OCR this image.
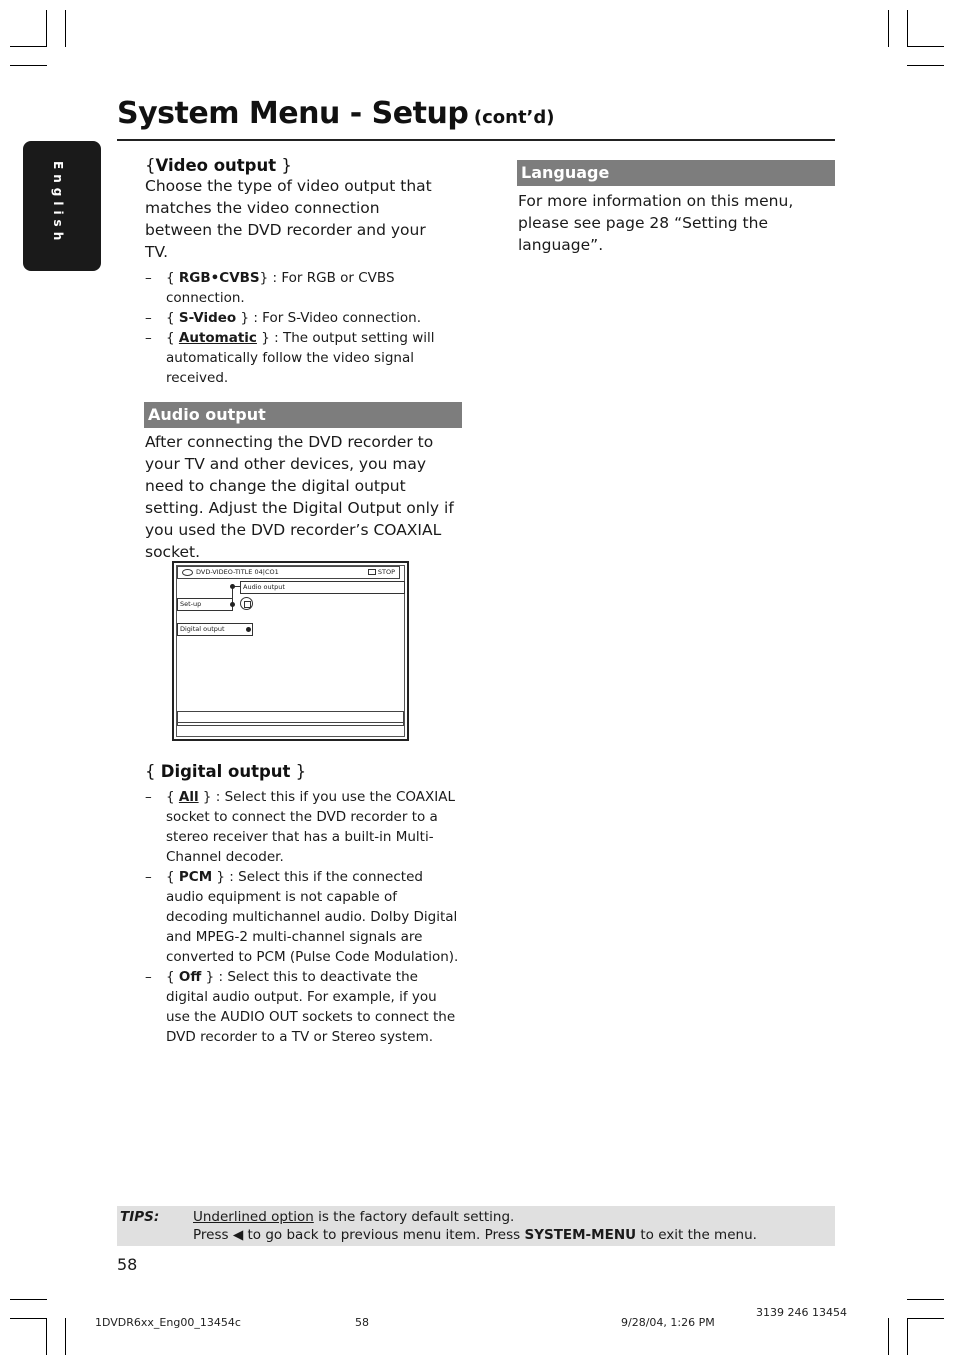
System Menu - Setup (cont’d)
English	{Video output }
Choose the type of video output that matches the video connection between the DVD recorder and your TV.
– { RGB•CVBS} : For RGB or CVBS connection.
– { S-Video } : For S-Video connection.
– { Automatic } : The output setting will automatically follow the video signal received.
Audio output
After connecting the DVD recorder to your TV and other devices, you may need to change the digital output setting. Adjust the Digital Output only if you used the DVD recorder’s COAXIAL socket.
DVD-VIDEO-TITLE 04|CO1	STOP
Audio output
Set-up
Digital output
{ Digital output }
– { All } : Select this if you use the COAXIAL socket to connect the DVD recorder to a stereo receiver that has a built-in Multi-Channel decoder.
– { PCM } : Select this if the connected audio equipment is not capable of decoding multichannel audio. Dolby Digital and MPEG-2 multi-channel signals are converted to PCM (Pulse Code Modulation).
– { Off } : Select this to deactivate the digital audio output. For example, if you use the AUDIO OUT sockets to connect the DVD recorder to a TV or Stereo system.
Language
For more information on this menu, please see page 28 “Setting the language”.
TIPS:	Underlined option is the factory default setting.
Press ◀ to go back to previous menu item. Press SYSTEM-MENU to exit the menu.
58
1DVDR6xx_Eng00_13454c	58	9/28/04, 1:26 PM
3139 246 13454
